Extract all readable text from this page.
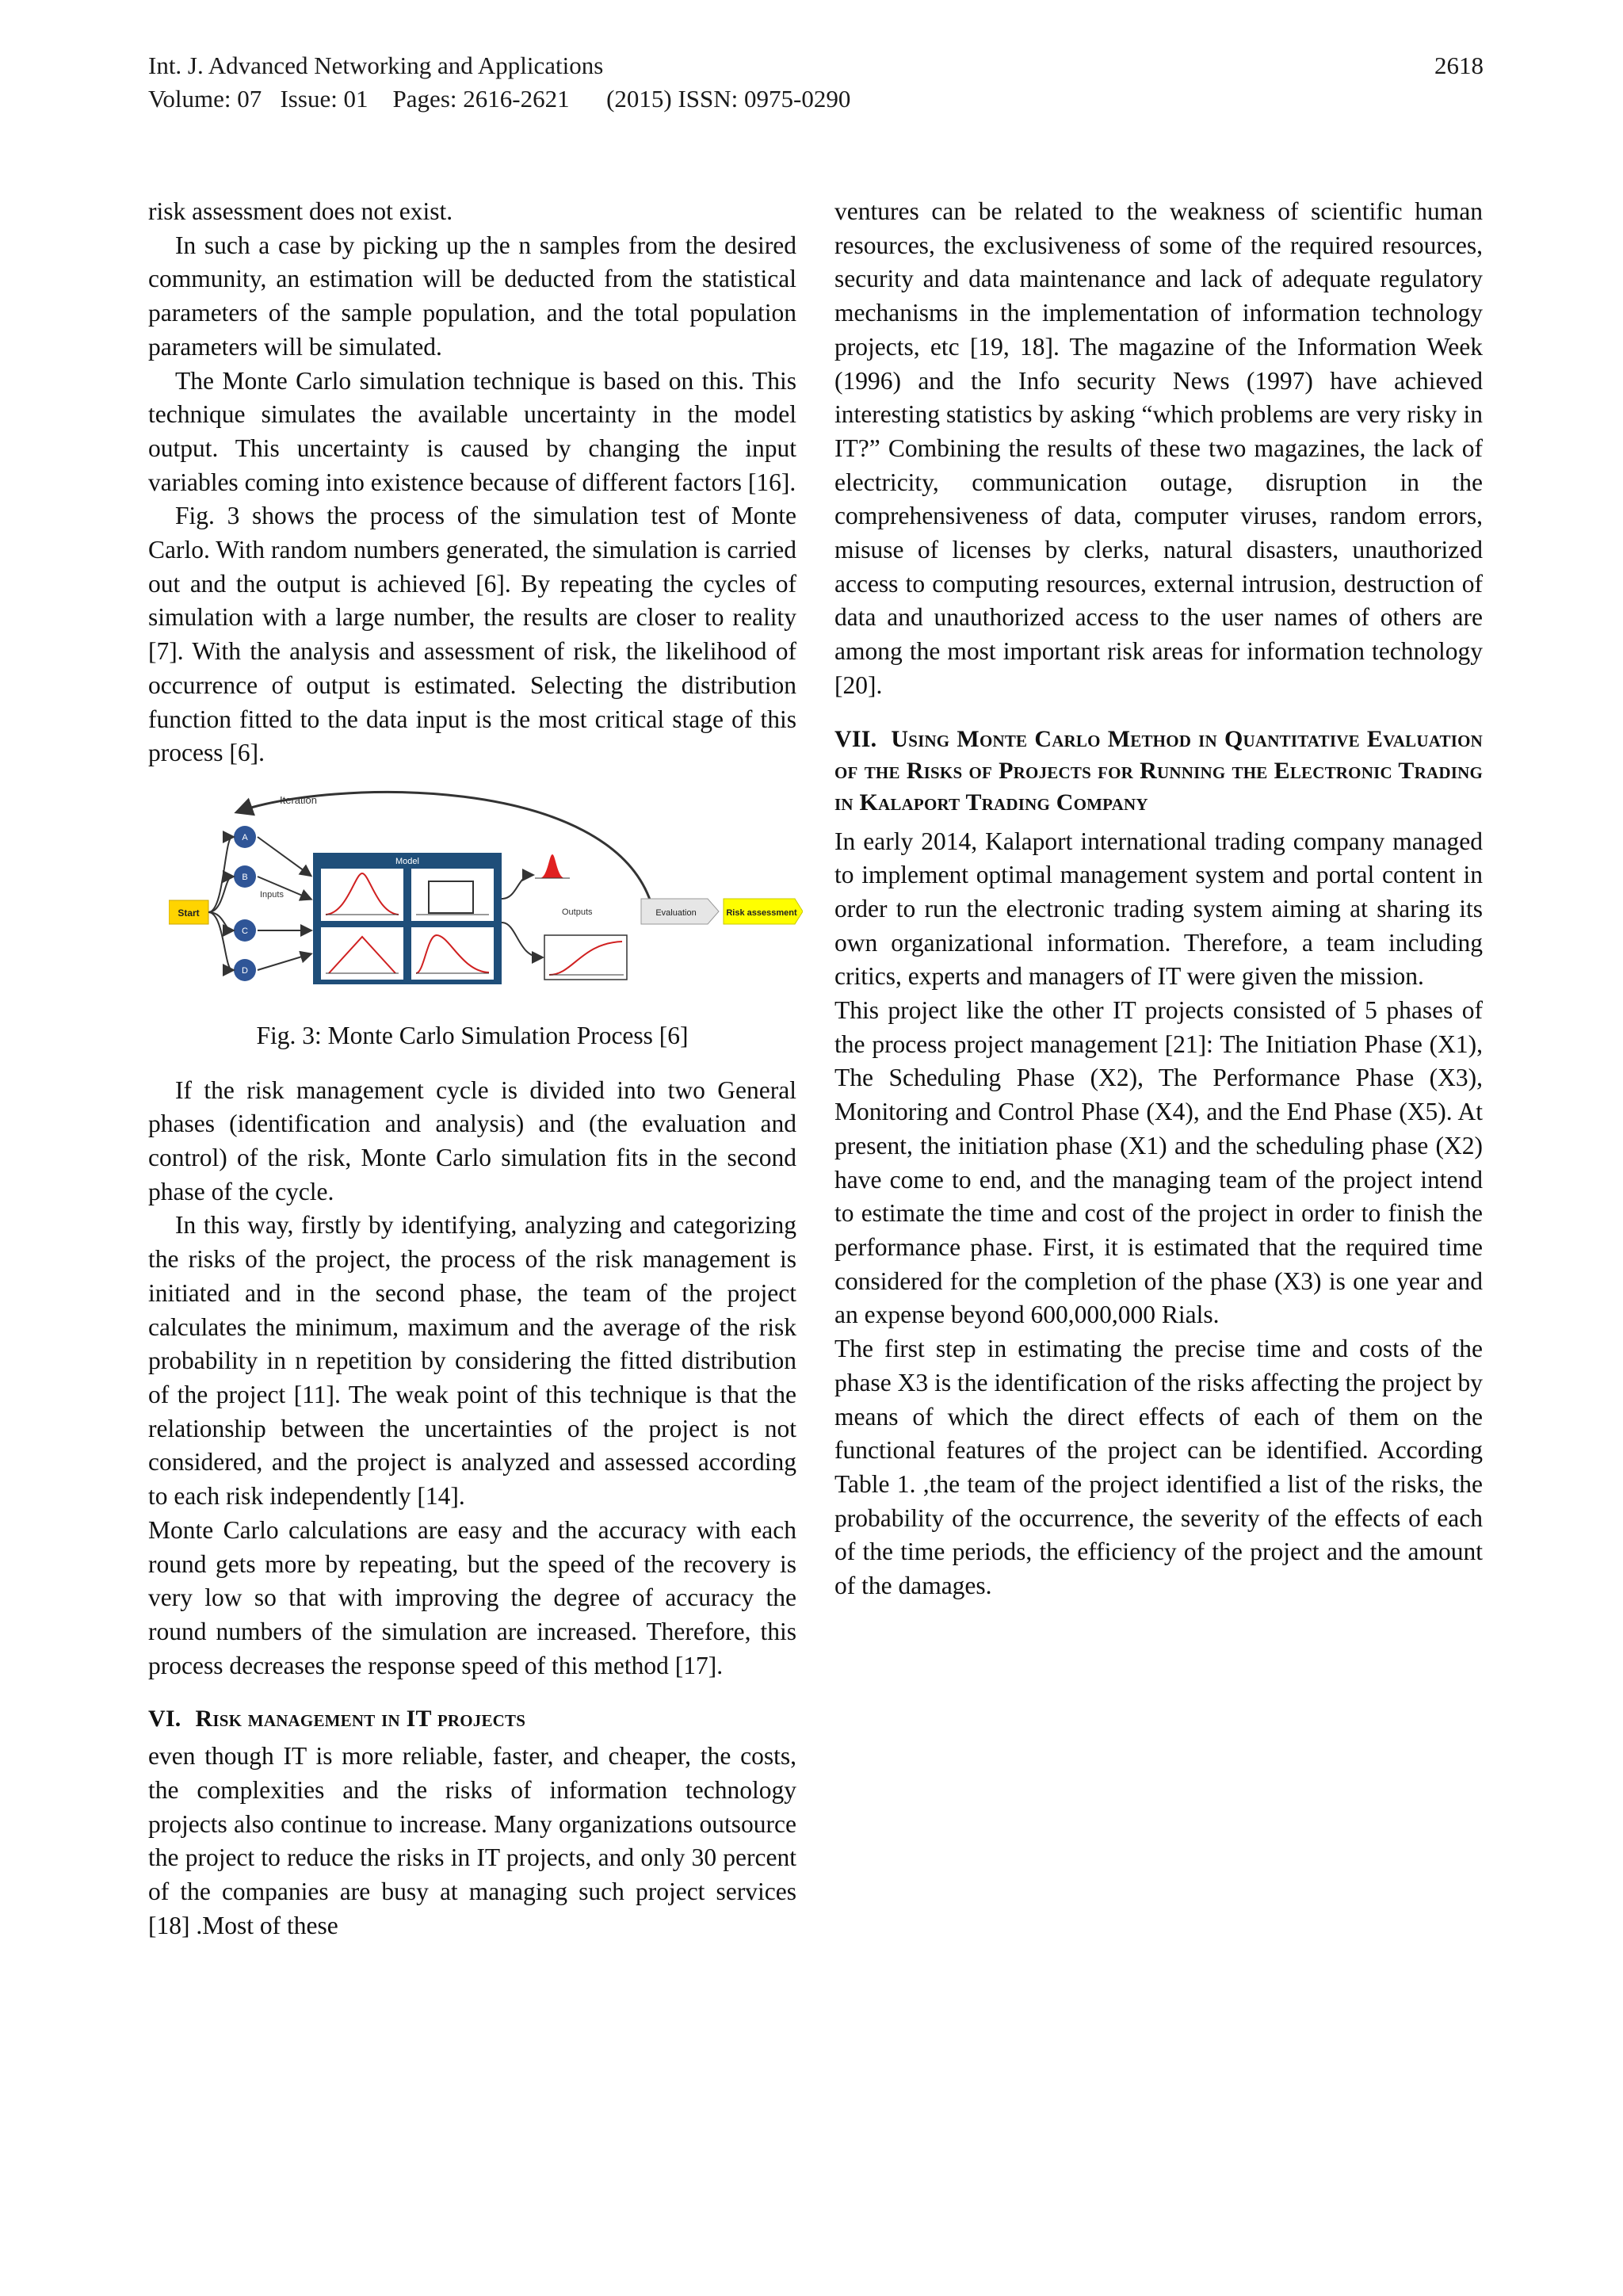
Int. J. Advanced Networking and Applications
Volume: 07   Issue: 01    Pages: 2616-2621      (2015) ISSN: 0975-0290
2618

risk assessment does not exist.

In such a case by picking up the n samples from the desired community, an estimation will be deducted from the statistical parameters of the sample population, and the total population parameters will be simulated.

The Monte Carlo simulation technique is based on this. This technique simulates the available uncertainty in the model output. This uncertainty is caused by changing the input variables coming into existence because of different factors [16].

Fig. 3 shows the process of the simulation test of Monte Carlo. With random numbers generated, the simulation is carried out and the output is achieved [6]. By repeating the cycles of simulation with a large number, the results are closer to reality [7]. With the analysis and assessment of risk, the likelihood of occurrence of output is estimated. Selecting the distribution function fitted to the data input is the most critical stage of this process [6].

Iteration
Start
A
B
C
D
Inputs
Model
Outputs	Evaluation	Risk assessment

Fig. 3: Monte Carlo Simulation Process [6]

If the risk management cycle is divided into two General phases (identification and analysis) and (the evaluation and control) of the risk, Monte Carlo simulation fits in the second phase of the cycle.

In this way, firstly by identifying, analyzing and categorizing the risks of the project, the process of the risk management is initiated and in the second phase, the team of the project calculates the minimum, maximum and the average of the risk probability in n repetition by considering the fitted distribution of the project [11]. The weak point of this technique is that the relationship between the uncertainties of the project is not considered, and the project is analyzed and assessed according to each risk independently [14].

Monte Carlo calculations are easy and the accuracy with each round gets more by repeating, but the speed of the recovery is very low so that with improving the degree of accuracy the round numbers of the simulation are increased. Therefore, this process decreases the response speed of this method [17].

VI. Risk management in IT projects

even though IT is more reliable, faster, and cheaper, the costs, the complexities and the risks of information technology projects also continue to increase. Many organizations outsource the project to reduce the risks in IT projects, and only 30 percent of the companies are busy at managing such project services [18] .Most of these

ventures can be related to the weakness of scientific human resources, the exclusiveness of some of the required resources, security and data maintenance and lack of adequate regulatory mechanisms in the implementation of information technology projects, etc [19, 18]. The magazine of the Information Week (1996) and the Info security News (1997) have achieved interesting statistics by asking “which problems are very risky in IT?” Combining the results of these two magazines, the lack of electricity, communication outage, disruption in the comprehensiveness of data, computer viruses, random errors, misuse of licenses by clerks, natural disasters, unauthorized access to computing resources, external intrusion, destruction of data and unauthorized access to the user names of others are among the most important risk areas for information technology [20].

VII. Using Monte Carlo Method in Quantitative Evaluation of the Risks of Projects for Running the Electronic Trading in Kalaport Trading Company

In early 2014, Kalaport international trading company managed to implement optimal management system and portal content in order to run the electronic trading system aiming at sharing its own organizational information. Therefore, a team including critics, experts and managers of IT were given the mission.

This project like the other IT projects consisted of 5 phases of the process project management [21]: The Initiation Phase (X1), The Scheduling Phase (X2), The Performance Phase (X3), Monitoring and Control Phase (X4), and the End Phase (X5). At present, the initiation phase (X1) and the scheduling phase (X2) have come to end, and the managing team of the project intend to estimate the time and cost of the project in order to finish the performance phase. First, it is estimated that the required time considered for the completion of the phase (X3) is one year and an expense beyond 600,000,000 Rials.

The first step in estimating the precise time and costs of the phase X3 is the identification of the risks affecting the project by means of which the direct effects of each of them on the functional features of the project can be identified. According Table 1. ,the team of the project identified a list of the risks, the probability of the occurrence, the severity of the effects of each of the time periods, the efficiency of the project and the amount of the damages.
